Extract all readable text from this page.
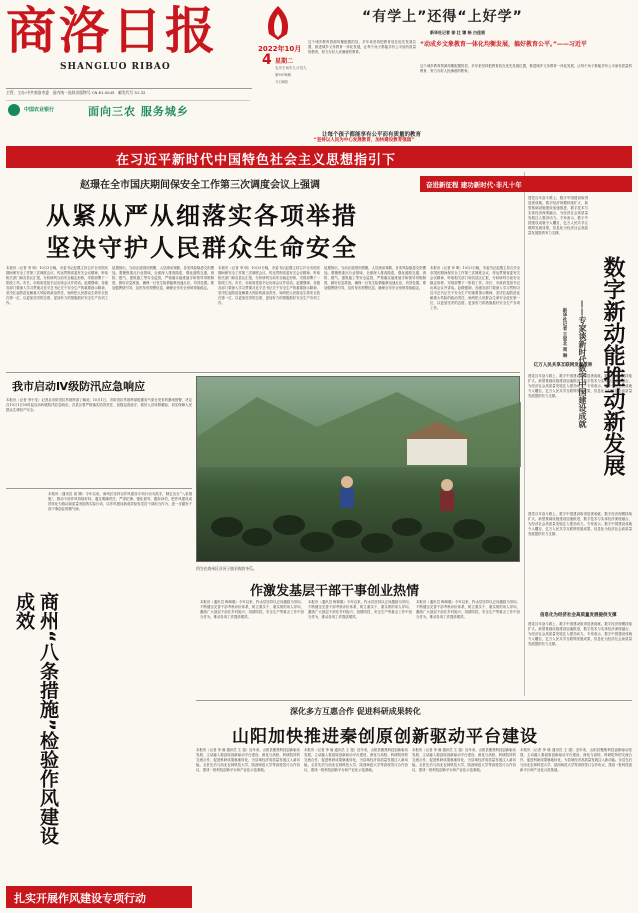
商洛日报
SHANGLUO RIBAO
2022年10月
4 星期二
农历壬寅年九月初九
第5976期
今日8版
主管、主办:中共商洛市委 国内统一连续出版物号 CN 61-0045 邮发代号 51-32
中国农业银行	面向三农 服务城乡
“有学上”还得“上好学”
新华社记者 徐 壮 谭 畅 白佳丽
这个城乡教育资源均衡配置的县，多年来坚持把教育放在优先发展位置，推进城乡义务教育一体化发展，让每个孩子都能享有公平而有质量的教育，努力办好人民满意的教育。
“动成乡文象教育一体化均衡发展，搞好教育公平。”——习近平
这个城乡教育资源均衡配置的县，多年来坚持把教育放在优先发展位置，推进城乡义务教育一体化发展，让每个孩子都能享有公平而有质量的教育，努力办好人民满意的教育。
让每个孩子都能享有公平而有质量的教育
“坚持以人民为中心发展教育，加快建设教育强国”
在习近平新时代中国特色社会主义思想指引下
赵璟在全市国庆期间保安全工作第三次调度会议上强调
从紧从严从细落实各项举措
坚决守护人民群众生命安全
本报讯（记者 李 明）10月3日晚，市委书记赵璟主持召开全市国庆期间保安全工作第三次调度会议，传达贯彻省委有关会议精神，听取相关部门和各县区汇报，分析研判当前安全稳定形势，安排部署下一阶段工作。市长、市政府党组书记出席会议并讲话。赵璟强调，各级各部门要深入学习贯彻习近平总书记关于安全生产的重要指示精神，坚决扛起防范化解重大风险的政治责任，始终把人民群众生命安全放在第一位，以更加坚决的态度、更加有力的措施抓好安全生产各项工作。
赵璟指出，当前正值国庆假期，人员流动频繁，各类风险隐患交织叠加。要聚焦重点行业领域，全面深入排查隐患，强化道路交通、消防、燃气、建筑施工等安全监管，严格落实值班值守和领导带班制度，做好应急准备，确保一旦发生险情能够迅速反应、有效处置。要加强舆情引导，及时发布预警信息，确保全市安全形势持续稳定。
本报讯（记者 李 明）10月3日晚，市委书记赵璟主持召开全市国庆期间保安全工作第三次调度会议，传达贯彻省委有关会议精神，听取相关部门和各县区汇报，分析研判当前安全稳定形势，安排部署下一阶段工作。市长、市政府党组书记出席会议并讲话。赵璟强调，各级各部门要深入学习贯彻习近平总书记关于安全生产的重要指示精神，坚决扛起防范化解重大风险的政治责任，始终把人民群众生命安全放在第一位，以更加坚决的态度、更加有力的措施抓好安全生产各项工作。
赵璟指出，当前正值国庆假期，人员流动频繁，各类风险隐患交织叠加。要聚焦重点行业领域，全面深入排查隐患，强化道路交通、消防、燃气、建筑施工等安全监管，严格落实值班值守和领导带班制度，做好应急准备，确保一旦发生险情能够迅速反应、有效处置。要加强舆情引导，及时发布预警信息，确保全市安全形势持续稳定。
本报讯（记者 李 明）10月3日晚，市委书记赵璟主持召开全市国庆期间保安全工作第三次调度会议，传达贯彻省委有关会议精神，听取相关部门和各县区汇报，分析研判当前安全稳定形势，安排部署下一阶段工作。市长、市政府党组书记出席会议并讲话。赵璟强调，各级各部门要深入学习贯彻习近平总书记关于安全生产的重要指示精神，坚决扛起防范化解重大风险的政治责任，始终把人民群众生命安全放在第一位，以更加坚决的态度、更加有力的措施抓好安全生产各项工作。
我市启动Ⅳ级防汛应急响应
本报讯（记者 李小龙）记者从市防汛抗旱指挥部了解到，10月1日，市防汛抗旱指挥部根据省气象台发布的暴雨预警，决定自10月1日18时起启动Ⅳ级防汛应急响应。各县区要严格落实防汛责任，加强巡查值守，做好人员转移避险，切实保障人民群众生命财产安全。
图为在商州区沙河子镇采收的冬瓜。
商州“八条措施”检验作风建设成效
本报讯（通讯员 周 腾）今年以来，商州区坚持以作风建设专项行动为抓手，制定出台“八条措施”，推动干部作风持续好转。通过明确责任、严肃纪律、强化督导、跟踪问效，把作风建设成效转化为推动高质量发展的实际行动，以作风建设新成效检验党员干部担当作为，进一步激发干部干事创业的精气神。
作激发基层干部干事创业热情
本报讯（通讯员 梅林娟）今年以来，柞水县坚持以正向激励为导向，不断健全完善干部考核评价体系，树立重实干、重实绩的用人导向，激励广大基层干部在乡村振兴、疫情防控、安全生产等重点工作中担当作为，推动各项工作提质增效。
本报讯（通讯员 梅林娟）今年以来，柞水县坚持以正向激励为导向，不断健全完善干部考核评价体系，树立重实干、重实绩的用人导向，激励广大基层干部在乡村振兴、疫情防控、安全生产等重点工作中担当作为，推动各项工作提质增效。
本报讯（通讯员 梅林娟）今年以来，柞水县坚持以正向激励为导向，不断健全完善干部考核评价体系，树立重实干、重实绩的用人导向，激励广大基层干部在乡村振兴、疫情防控、安全生产等重点工作中担当作为，推动各项工作提质增效。
深化多方互惠合作 促进科研成果转化
山阳加快推进秦创原创新驱动平台建设
本报讯（记者 李 瑜 通讯员 王 超）近年来，山阳县聚焦科技创新驱动发展，主动融入秦创原创新驱动平台建设，深化与高校、科研院所的交流合作，促进科研成果就地转化，为县域经济高质量发展注入新动能。全县先后与西北农林科技大学、陕西师范大学等高校签订合作协议，建成一批科技创新平台和产业化示范基地。
本报讯（记者 李 瑜 通讯员 王 超）近年来，山阳县聚焦科技创新驱动发展，主动融入秦创原创新驱动平台建设，深化与高校、科研院所的交流合作，促进科研成果就地转化，为县域经济高质量发展注入新动能。全县先后与西北农林科技大学、陕西师范大学等高校签订合作协议，建成一批科技创新平台和产业化示范基地。
本报讯（记者 李 瑜 通讯员 王 超）近年来，山阳县聚焦科技创新驱动发展，主动融入秦创原创新驱动平台建设，深化与高校、科研院所的交流合作，促进科研成果就地转化，为县域经济高质量发展注入新动能。全县先后与西北农林科技大学、陕西师范大学等高校签订合作协议，建成一批科技创新平台和产业化示范基地。
本报讯（记者 李 瑜 通讯员 王 超）近年来，山阳县聚焦科技创新驱动发展，主动融入秦创原创新驱动平台建设，深化与高校、科研院所的交流合作，促进科研成果就地转化，为县域经济高质量发展注入新动能。全县先后与西北农林科技大学、陕西师范大学等高校签订合作协议，建成一批科技创新平台和产业化示范基地。
奋进新征程 建功新时代·非凡十年
数字新动能推动新发展
——专家谈新时代数字中国建设成就
新华社记者 王思北 周 琳
建党百年奋斗路上，数字中国建设取得显著成就。数字经济规模持续扩大，新型基础设施建设加速推进，数字技术与实体经济深度融合，为经济社会高质量发展注入强劲动力。专家表示，数字中国建设成就令人瞩目，亿万人民共享互联网发展成果，信息化为经济社会高质量发展提供有力支撑。
亿万人民共享互联网发展成果
建党百年奋斗路上，数字中国建设取得显著成就。数字经济规模持续扩大，新型基础设施建设加速推进，数字技术与实体经济深度融合，为经济社会高质量发展注入强劲动力。专家表示，数字中国建设成就令人瞩目，亿万人民共享互联网发展成果，信息化为经济社会高质量发展提供有力支撑。
建党百年奋斗路上，数字中国建设取得显著成就。数字经济规模持续扩大，新型基础设施建设加速推进，数字技术与实体经济深度融合，为经济社会高质量发展注入强劲动力。专家表示，数字中国建设成就令人瞩目，亿万人民共享互联网发展成果，信息化为经济社会高质量发展提供有力支撑。
信息化为经济社会高质量发展提供支撑
建党百年奋斗路上，数字中国建设取得显著成就。数字经济规模持续扩大，新型基础设施建设加速推进，数字技术与实体经济深度融合，为经济社会高质量发展注入强劲动力。专家表示，数字中国建设成就令人瞩目，亿万人民共享互联网发展成果，信息化为经济社会高质量发展提供有力支撑。
扎实开展作风建设专项行动
